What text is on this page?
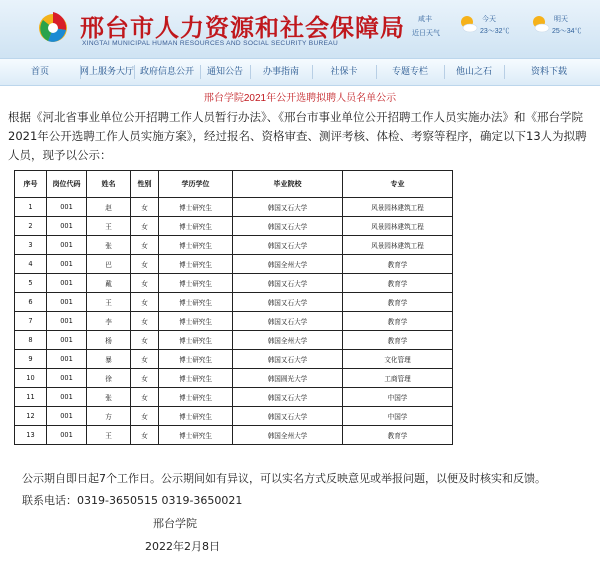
邢台市人力资源和社会保障局
XINGTAI MUNICIPAL HUMAN RESOURCES AND SOCIAL SECURITY BUREAU
咸丰
近日天气
今天
23～32℃
明天
25～34℃
首页	网上服务大厅 政府信息公开	通知公告	办事指南	社保卡	专题专栏	他山之石	资料下载
邢台学院2021年公开选聘拟聘人员名单公示
根据《河北省事业单位公开招聘工作人员暂行办法》、《邢台市事业单位公开招聘工作人员实施办法》和《邢台学院2021年公开选聘工作人员实施方案》，经过报名、资格审查、测评考核、体检、考察等程序，确定以下13人为拟聘人员，现予以公示：
序号	岗位代码	姓名	性别	学历学位	毕业院校	专业
1	001	赵	女	博士研究生	韩国又石大学	风景园林建筑工程
2	001	王	女	博士研究生	韩国又石大学	风景园林建筑工程
3	001	张	女	博士研究生	韩国又石大学	风景园林建筑工程
4	001	巴	女	博士研究生	韩国全州大学	教育学
5	001	戴	女	博士研究生	韩国又石大学	教育学
6	001	王	女	博士研究生	韩国又石大学	教育学
7	001	李	女	博士研究生	韩国又石大学	教育学
8	001	杨	女	博士研究生	韩国全州大学	教育学
9	001	暴	女	博士研究生	韩国又石大学	文化管理
10	001	徐	女	博士研究生	韩国圆光大学	工商管理
11	001	张	女	博士研究生	韩国又石大学	中国学
12	001	方	女	博士研究生	韩国又石大学	中国学
13	001	王	女	博士研究生	韩国全州大学	教育学
公示期自即日起7个工作日。公示期间如有异议，可以实名方式反映意见或举报问题，以便及时核实和反馈。
联系电话：0319-3650515 0319-3650021
邢台学院
2022年2月8日
